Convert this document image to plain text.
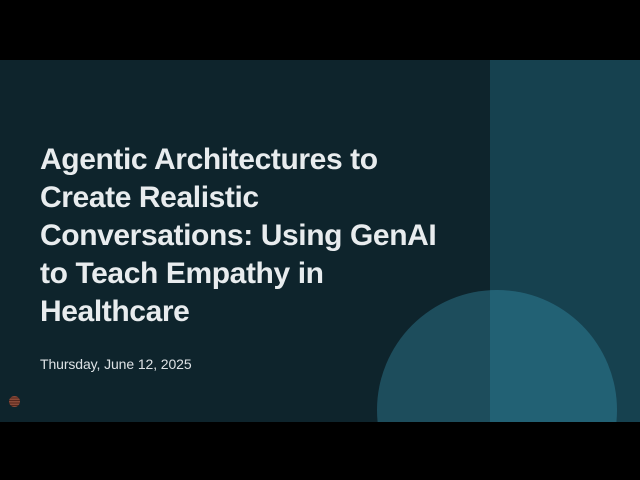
Agentic Architectures to
Create Realistic
Conversations: Using GenAI
to Teach Empathy in
Healthcare
Thursday, June 12, 2025
